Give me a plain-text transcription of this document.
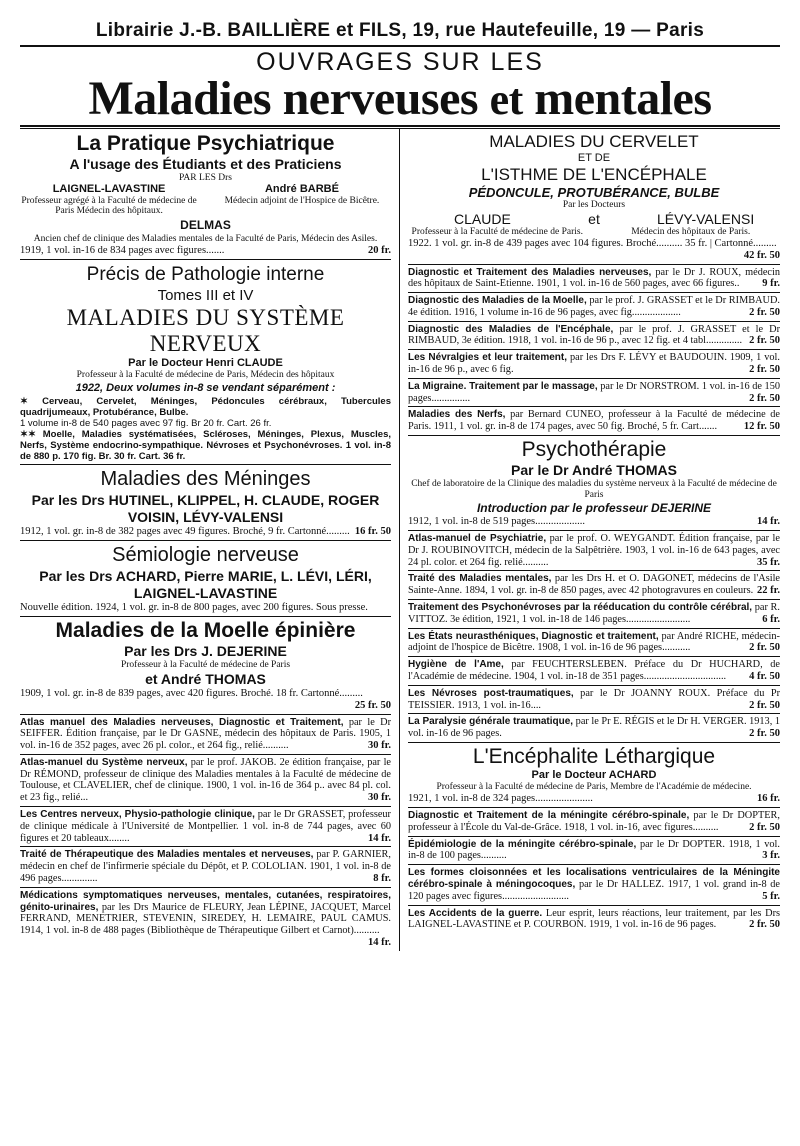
Librairie J.-B. BAILLIÈRE et FILS, 19, rue Hautefeuille, 19 — Paris
OUVRAGES SUR LES
Maladies nerveuses et mentales
La Pratique Psychiatrique
A l'usage des Étudiants et des Praticiens
PAR LES Drs
LAIGNEL-LAVASTINE
Professeur agrégé à la Faculté de médecine de Paris Médecin des hôpitaux.
André BARBÉ
Médecin adjoint de l'Hospice de Bicêtre.
DELMAS
Ancien chef de clinique des Maladies mentales de la Faculté de Paris, Médecin des Asiles.
20 fr.
1919, 1 vol. in-16 de 834 pages avec figures.......
Précis de Pathologie interne
Tomes III et IV
MALADIES DU SYSTÈME NERVEUX
Par le Docteur Henri CLAUDE
Professeur à la Faculté de médecine de Paris, Médecin des hôpitaux
1922, Deux volumes in-8 se vendant séparément :
✶ Cerveau, Cervelet, Méninges, Pédoncules cérébraux, Tubercules quadrijumeaux, Protubérance, Bulbe.
1 volume in-8 de 540 pages avec 97 fig. Br 20 fr. Cart. 26 fr.
✶✶ Moelle, Maladies systématisées, Scléroses, Méninges, Plexus, Muscles, Nerfs, Système endocrino-sympathique. Névroses et Psychonévroses. 1 vol. in-8 de 880 p. 170 fig. Br. 30 fr. Cart. 36 fr.
Maladies des Méninges
Par les Drs HUTINEL, KLIPPEL, H. CLAUDE, ROGER VOISIN, LÉVY-VALENSI
1912, 1 vol. gr. in-8 de 382 pages avec 49 figures. Broché, 9 fr. Cartonné......... 16 fr. 50
Sémiologie nerveuse
Par les Drs ACHARD, Pierre MARIE, L. LÉVI, LÉRI, LAIGNEL-LAVASTINE
Nouvelle édition. 1924, 1 vol. gr. in-8 de 800 pages, avec 200 figures. Sous presse.
Maladies de la Moelle épinière
Par les Drs J. DEJERINE
Professeur à la Faculté de médecine de Paris
et André THOMAS
1909, 1 vol. gr. in-8 de 839 pages, avec 420 figures. Broché. 18 fr. Cartonné.........
25 fr. 50
Atlas manuel des Maladies nerveuses, Diagnostic et Traitement, par le Dr SEIFFER. Édition française, par le Dr GASNE, médecin des hôpitaux de Paris. 1905, 1 vol. in-16 de 352 pages, avec 26 pl. color., et 264 fig., relié..........	30 fr.
Atlas-manuel du Système nerveux, par le prof. JAKOB. 2e édition française, par le Dr RÉMOND, professeur de clinique des Maladies mentales à la Faculté de médecine de Toulouse, et CLAVELIER, chef de clinique. 1900, 1 vol. in-16 de 364 p.. avec 84 pl. col. et 23 fig., relié...	30 fr.
Les Centres nerveux, Physio-pathologie clinique, par le Dr GRASSET, professeur de clinique médicale à l'Université de Montpellier. 1 vol. in-8 de 744 pages, avec 60 figures et 20 tableaux........	14 fr.
Traité de Thérapeutique des Maladies mentales et nerveuses, par P. GARNIER, médecin en chef de l'infirmerie spéciale du Dépôt, et P. COLOLIAN. 1901, 1 vol. in-8 de 496 pages..............	8 fr.
Médications symptomatiques nerveuses, mentales, cutanées, respiratoires, génito-urinaires, par les Drs Maurice de FLEURY, Jean LÉPINE, JACQUET, Marcel FERRAND, MENETRIER, STEVENIN, SIREDEY, H. LEMAIRE, PAUL CAMUS. 1914, 1 vol. in-8 de 488 pages (Bibliothèque de Thérapeutique Gilbert et Carnot)..........
14 fr.
MALADIES DU CERVELET
ET DE
L'ISTHME DE L'ENCÉPHALE
PÉDONCULE, PROTUBÉRANCE, BULBE
Par les Docteurs
CLAUDE	et	LÉVY-VALENSI
Professeur à la Faculté de médecine de Paris.	Médecin des hôpitaux de Paris.
1922. 1 vol. gr. in-8 de 439 pages avec 104 figures. Broché.......... 35 fr. | Cartonné.........
42 fr. 50
Diagnostic et Traitement des Maladies nerveuses, par le Dr J. ROUX, médecin des hôpitaux de Saint-Etienne. 1901, 1 vol. in-16 de 560 pages, avec 66 figures.. 9 fr.
Diagnostic des Maladies de la Moelle, par le prof. J. GRASSET et le Dr RIMBAUD. 4e édition. 1916, 1 volume in-16 de 96 pages, avec fig...................	2 fr. 50
Diagnostic des Maladies de l'Encéphale, par le prof. J. GRASSET et le Dr RIMBAUD, 3e édition. 1918, 1 vol. in-16 de 96 p., avec 12 fig. et 4 tabl.............. 2 fr. 50
Les Névralgies et leur traitement, par les Drs F. LÉVY et BAUDOUIN. 1909, 1 vol. in-16 de 96 p., avec 6 fig.	2 fr. 50
La Migraine. Traitement par le massage, par le Dr NORSTROM. 1 vol. in-16 de 150 pages...............	2 fr. 50
Maladies des Nerfs, par Bernard CUNEO, professeur à la Faculté de médecine de Paris. 1911, 1 vol. gr. in-8 de 174 pages, avec 50 fig. Broché, 5 fr. Cart.......	12 fr. 50
Psychothérapie
Par le Dr André THOMAS
Chef de laboratoire de la Clinique des maladies du système nerveux à la Faculté de médecine de Paris
Introduction par le professeur DEJERINE
1912, 1 vol. in-8 de 519 pages...................	14 fr.
Atlas-manuel de Psychiatrie, par le prof. O. WEYGANDT. Édition française, par le Dr J. ROUBINOVITCH, médecin de la Salpêtrière. 1903, 1 vol. in-16 de 643 pages, avec 24 pl. color. et 264 fig. relié..........	35 fr.
Traité des Maladies mentales, par les Drs H. et O. DAGONET, médecins de l'Asile Sainte-Anne. 1894, 1 vol. gr. in-8 de 850 pages, avec 42 photogravures en couleurs. 22 fr.
Traitement des Psychonévroses par la rééducation du contrôle cérébral, par R. VITTOZ. 3e édition, 1921, 1 vol. in-18 de 146 pages.........................	6 fr.
Les États neurasthéniques, Diagnostic et traitement, par André RICHE, médecin-adjoint de l'hospice de Bicêtre. 1908, 1 vol. in-16 de 96 pages...........	2 fr. 50
Hygiène de l'Ame, par FEUCHTERSLEBEN. Préface du Dr HUCHARD, de l'Académie de médecine. 1904, 1 vol. in-18 de 351 pages................................ 4 fr. 50
Les Névroses post-traumatiques, par le Dr JOANNY ROUX. Préface du Pr TEISSIER. 1913, 1 vol. in-16....	2 fr. 50
La Paralysie générale traumatique, par le Pr E. RÉGIS et le Dr H. VERGER. 1913, 1 vol. in-16 de 96 pages.	2 fr. 50
L'Encéphalite Léthargique
Par le Docteur ACHARD
Professeur à la Faculté de médecine de Paris, Membre de l'Académie de médecine.
1921, 1 vol. in-8 de 324 pages......................	16 fr.
Diagnostic et Traitement de la méningite cérébro-spinale, par le Dr DOPTER, professeur à l'École du Val-de-Grâce. 1918, 1 vol. in-16, avec figures..........	2 fr. 50
Épidémiologie de la méningite cérébro-spinale, par le Dr DOPTER. 1918, 1 vol. in-8 de 100 pages..........	3 fr.
Les formes cloisonnées et les localisations ventriculaires de la Méningite cérébro-spinale à méningocoques, par le Dr HALLEZ. 1917, 1 vol. grand in-8 de 120 pages avec figures..........................	5 fr.
Les Accidents de la guerre. Leur esprit, leurs réactions, leur traitement, par les Drs LAIGNEL-LAVASTINE et P. COURBON. 1919, 1 vol. in-16 de 96 pages.	2 fr. 50
